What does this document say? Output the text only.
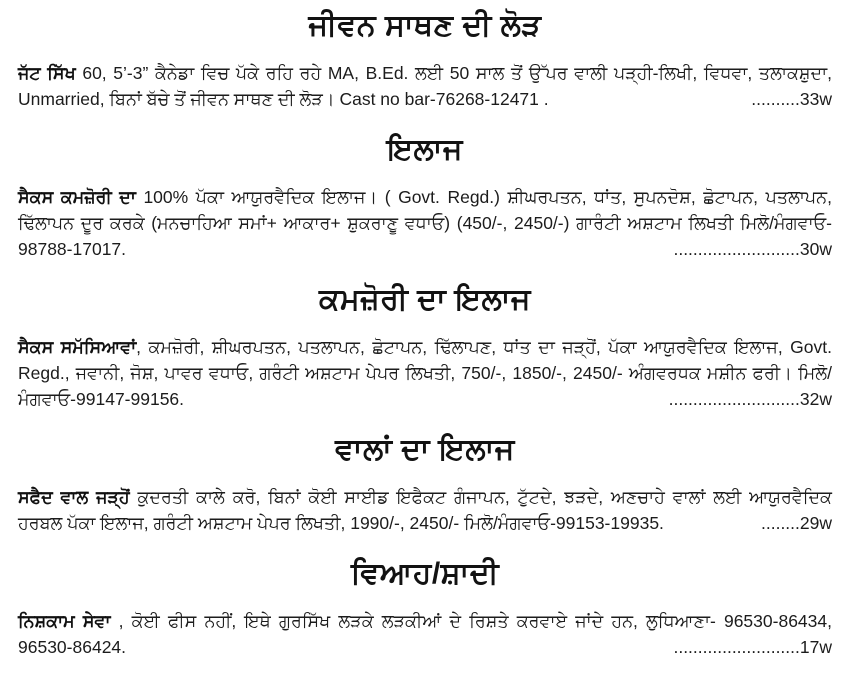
ਜੀਵਨ ਸਾਥਣ ਦੀ ਲੋੜ

ਜੱਟ ਸਿੱਖ 60, 5’-3” ਕੈਨੇਡਾ ਵਿਚ ਪੱਕੇ ਰਹਿ ਰਹੇ MA, B.Ed. ਲਈ 50 ਸਾਲ ਤੋਂ ਉੱਪਰ ਵਾਲੀ ਪੜ੍ਹੀ-ਲਿਖੀ, ਵਿਧਵਾ, ਤਲਾਕਸ਼ੁਦਾ, Unmarried, ਬਿਨਾਂ ਬੱਚੇ ਤੋਂ ਜੀਵਨ ਸਾਥਣ ਦੀ ਲੋੜ। Cast no bar-76268-12471 .	..........33w

ਇਲਾਜ

ਸੈਕਸ ਕਮਜ਼ੋਰੀ ਦਾ 100% ਪੱਕਾ ਆਯੁਰਵੈਦਿਕ ਇਲਾਜ। ( Govt. Regd.) ਸ਼ੀਘਰਪਤਨ, ਧਾਂਤ, ਸੁਪਨਦੋਸ਼, ਛੋਟਾਪਨ, ਪਤਲਾਪਨ, ਢਿੱਲਾਪਨ ਦੂਰ ਕਰਕੇ (ਮਨਚਾਹਿਆ ਸਮਾਂ+ ਆਕਾਰ+ ਸ਼ੁਕਰਾਣੂ ਵਧਾਓ) (450/-, 2450/-) ਗਾਰੰਟੀ ਅਸ਼ਟਾਮ ਲਿਖਤੀ ਮਿਲੋ/ਮੰਗਵਾਓ- 98788-17017.	..........................30w

ਕਮਜ਼ੋਰੀ ਦਾ ਇਲਾਜ

ਸੈਕਸ ਸਮੱਸਿਆਵਾਂ, ਕਮਜ਼ੋਰੀ, ਸ਼ੀਘਰਪਤਨ, ਪਤਲਾਪਨ, ਛੋਟਾਪਨ, ਢਿੱਲਾਪਣ, ਧਾਂਤ ਦਾ ਜੜ੍ਹੋਂ, ਪੱਕਾ ਆਯੁਰਵੈਦਿਕ ਇਲਾਜ, Govt. Regd., ਜਵਾਨੀ, ਜੋਸ਼, ਪਾਵਰ ਵਧਾਓ, ਗਰੰਟੀ ਅਸ਼ਟਾਮ ਪੇਪਰ ਲਿਖਤੀ, 750/-, 1850/-, 2450/- ਅੰਗਵਰਧਕ ਮਸ਼ੀਨ ਫਰੀ। ਮਿਲੋ/ ਮੰਗਵਾਓ-99147-99156.	...........................32w

ਵਾਲਾਂ ਦਾ ਇਲਾਜ

ਸਫੈਦ ਵਾਲ ਜੜ੍ਹੋਂ ਕੁਦਰਤੀ ਕਾਲੇ ਕਰੋ, ਬਿਨਾਂ ਕੋਈ ਸਾਈਡ ਇਫੈਕਟ ਗੰਜਾਪਨ, ਟੁੱਟਦੇ, ਝੜਦੇ, ਅਣਚਾਹੇ ਵਾਲਾਂ ਲਈ ਆਯੁਰਵੈਦਿਕ ਹਰਬਲ ਪੱਕਾ ਇਲਾਜ, ਗਰੰਟੀ ਅਸ਼ਟਾਮ ਪੇਪਰ ਲਿਖਤੀ, 1990/-, 2450/- ਮਿਲੋ/ਮੰਗਵਾਓ-99153-19935.	........29w

ਵਿਆਹ/ਸ਼ਾਦੀ

ਨਿਸ਼ਕਾਮ ਸੇਵਾ , ਕੋਈ ਫੀਸ ਨਹੀਂ, ਇਥੇ ਗੁਰਸਿੱਖ ਲੜਕੇ ਲੜਕੀਆਂ ਦੇ ਰਿਸ਼ਤੇ ਕਰਵਾਏ ਜਾਂਦੇ ਹਨ, ਲੁਧਿਆਣਾ- 96530-86434, 96530-86424.	..........................17w
